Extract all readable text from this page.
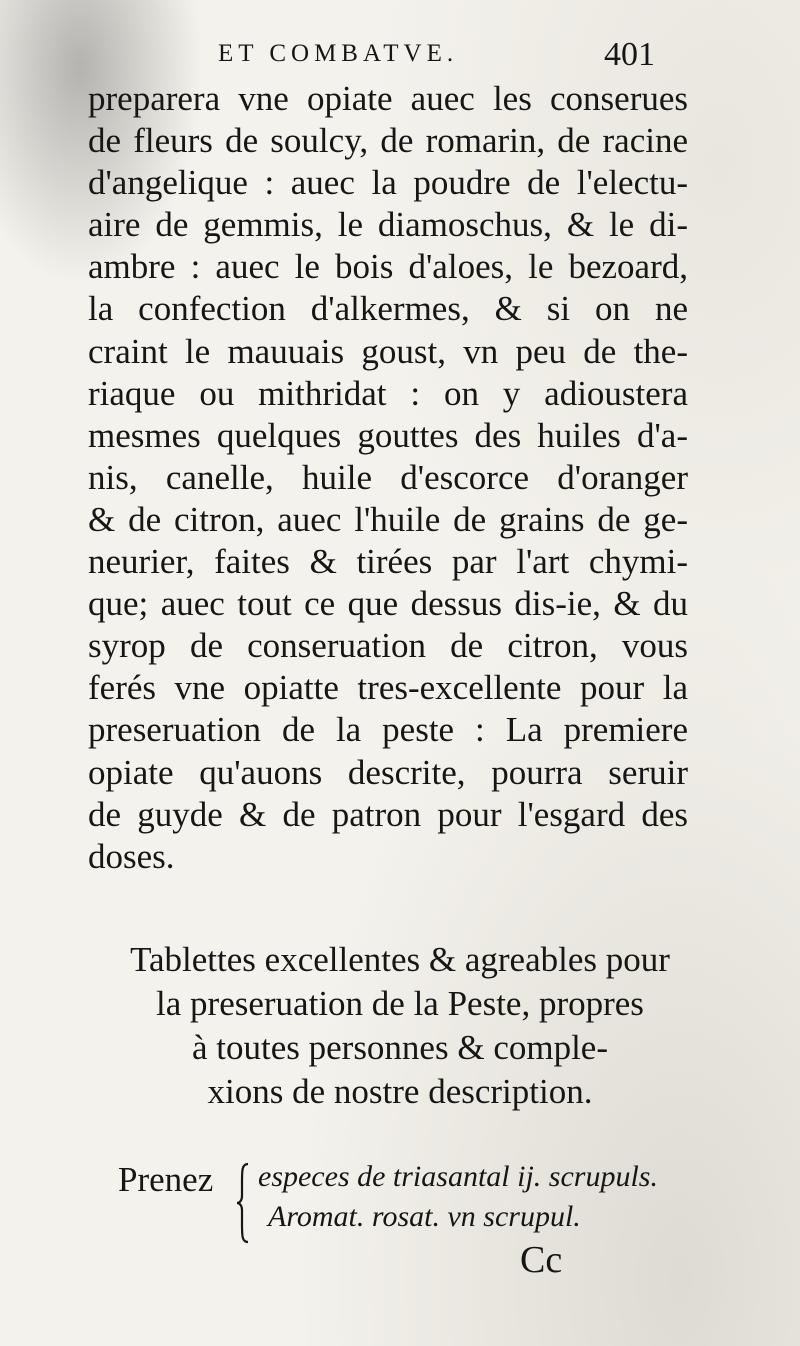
ET COMBATVE.	401
preparera vne opiate auec les conserues
de fleurs de soulcy, de romarin, de racine
d'angelique : auec la poudre de l'electu-
aire de gemmis, le diamoschus, & le di-
ambre : auec le bois d'aloes, le bezoard,
la confection d'alkermes, & si on ne
craint le mauuais goust, vn peu de the-
riaque ou mithridat : on y adioustera
mesmes quelques gouttes des huiles d'a-
nis, canelle, huile d'escorce d'oranger
& de citron, auec l'huile de grains de ge-
neurier, faites & tirées par l'art chymi-
que; auec tout ce que dessus dis-ie, & du
syrop de conseruation de citron, vous
ferés vne opiatte tres-excellente pour la
preseruation de la peste : La premiere
opiate qu'auons descrite, pourra seruir
de guyde & de patron pour l'esgard des
doses.
Tablettes excellentes & agreables pour
la preseruation de la Peste, propres
à toutes personnes & comple-
xions de nostre description.
Prenez especes de triasantal ij. scrupuls.
Aromat. rosat. vn scrupul.
Cc
